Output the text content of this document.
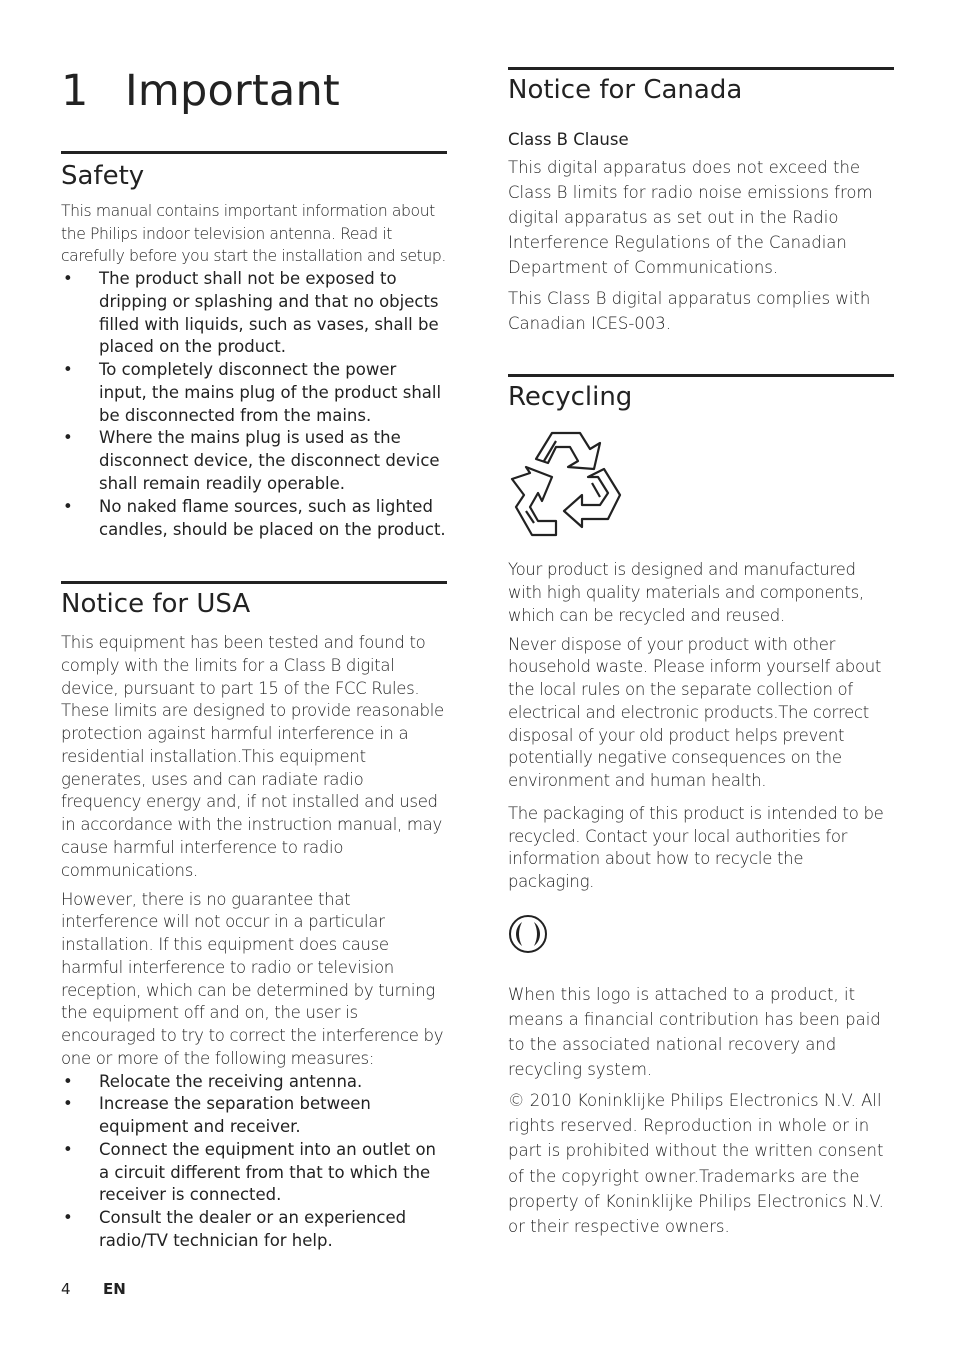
1 Important
Safety

This manual contains important information about the Philips indoor television antenna. Read it carefully before you start the installation and setup.

• The product shall not be exposed to dripping or splashing and that no objects filled with liquids, such as vases, shall be placed on the product.
• To completely disconnect the power input, the mains plug of the product shall be disconnected from the mains.
• Where the mains plug is used as the disconnect device, the disconnect device shall remain readily operable.
• No naked flame sources, such as lighted candles, should be placed on the product.
Notice for USA

This equipment has been tested and found to comply with the limits for a Class B digital device, pursuant to part 15 of the FCC Rules. These limits are designed to provide reasonable protection against harmful interference in a residential installation.This equipment generates, uses and can radiate radio frequency energy and, if not installed and used in accordance with the instruction manual, may cause harmful interference to radio communications.

However, there is no guarantee that interference will not occur in a particular installation. If this equipment does cause harmful interference to radio or television reception, which can be determined by turning the equipment off and on, the user is encouraged to try to correct the interference by one or more of the following measures:

• Relocate the receiving antenna.
• Increase the separation between equipment and receiver.
• Connect the equipment into an outlet on a circuit different from that to which the receiver is connected.
• Consult the dealer or an experienced radio/TV technician for help.
Notice for Canada
Class B Clause

This digital apparatus does not exceed the Class B limits for radio noise emissions from digital apparatus as set out in the Radio Interference Regulations of the Canadian Department of Communications.

This Class B digital apparatus complies with Canadian ICES-003.

Recycling

Your product is designed and manufactured with high quality materials and components, which can be recycled and reused.

Never dispose of your product with other household waste. Please inform yourself about the local rules on the separate collection of electrical and electronic products.The correct disposal of your old product helps prevent potentially negative consequences on the environment and human health.

The packaging of this product is intended to be recycled. Contact your local authorities for information about how to recycle the packaging.

When this logo is attached to a product, it means a financial contribution has been paid to the associated national recovery and recycling system.

© 2010 Koninklijke Philips Electronics N.V. All rights reserved. Reproduction in whole or in part is prohibited without the written consent of the copyright owner.Trademarks are the property of Koninklijke Philips Electronics N.V. or their respective owners.

4 EN
